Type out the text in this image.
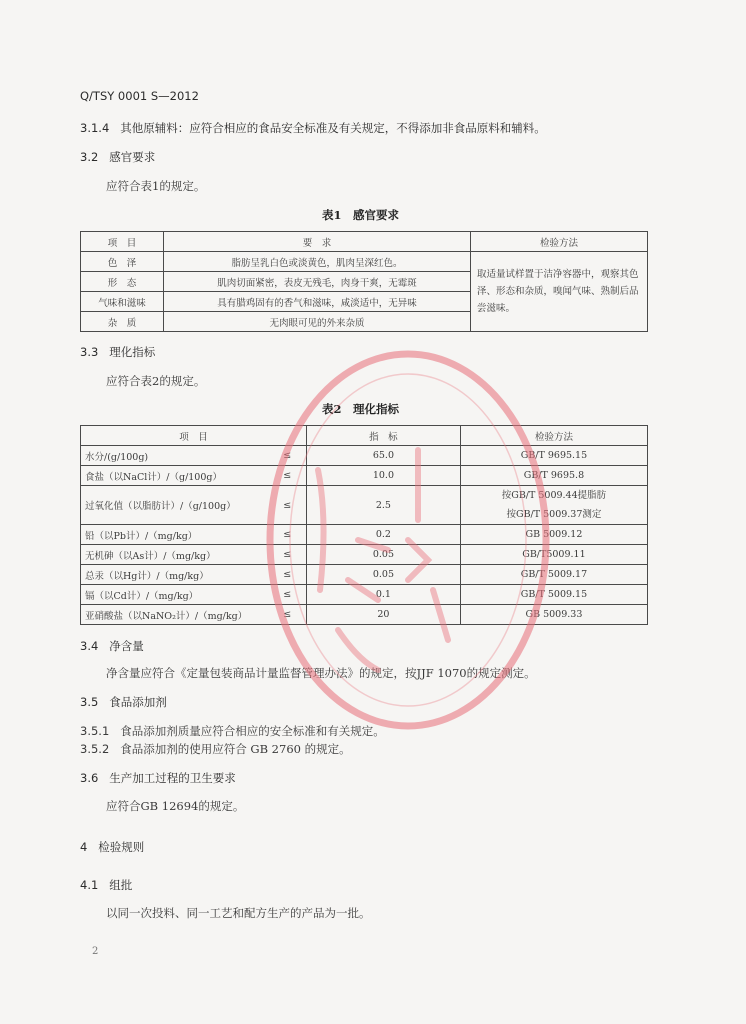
Q/TSY 0001 S—2012
3.1.4 其他原辅料：应符合相应的食品安全标准及有关规定，不得添加非食品原料和辅料。
3.2 感官要求
应符合表1的规定。
表1　感官要求
项　目	要　求	检验方法
色　泽	脂肪呈乳白色或淡黄色，肌肉呈深红色。	取适量试样置于洁净容器中，观察其色泽、形态和杂质，嗅闻气味、熟制后品尝滋味。
形　态	肌肉切面紧密，表皮无残毛，肉身干爽，无霉斑	
气味和滋味	具有腊鸡固有的香气和滋味，咸淡适中，无异味	
杂　质	无肉眼可见的外来杂质	
3.3 理化指标
应符合表2的规定。
表2　理化指标
项　目		指　标	检验方法
水分/(g/100g)	≤	65.0	GB/T 9695.15
食盐（以NaCl计）/（g/100g）	≤	10.0	GB/T 9695.8
过氧化值（以脂肪计）/（g/100g）	≤	2.5	按GB/T 5009.44提脂肪
按GB/T 5009.37测定

铅（以Pb计）/（mg/kg）	≤	0.2	GB 5009.12
无机砷（以As计）/（mg/kg）	≤	0.05	GB/T5009.11
总汞（以Hg计）/（mg/kg）	≤	0.05	GB/T 5009.17
镉（以Cd计）/（mg/kg）	≤	0.1	GB/T 5009.15
亚硝酸盐（以NaNO₂计）/（mg/kg）	≤	20	GB 5009.33
3.4 净含量
净含量应符合《定量包装商品计量监督管理办法》的规定，按JJF 1070的规定测定。
3.5 食品添加剂
3.5.1 食品添加剂质量应符合相应的安全标准和有关规定。
3.5.2 食品添加剂的使用应符合 GB 2760 的规定。
3.6 生产加工过程的卫生要求
应符合GB 12694的规定。
4 检验规则
4.1 组批
以同一次投料、同一工艺和配方生产的产品为一批。
2
